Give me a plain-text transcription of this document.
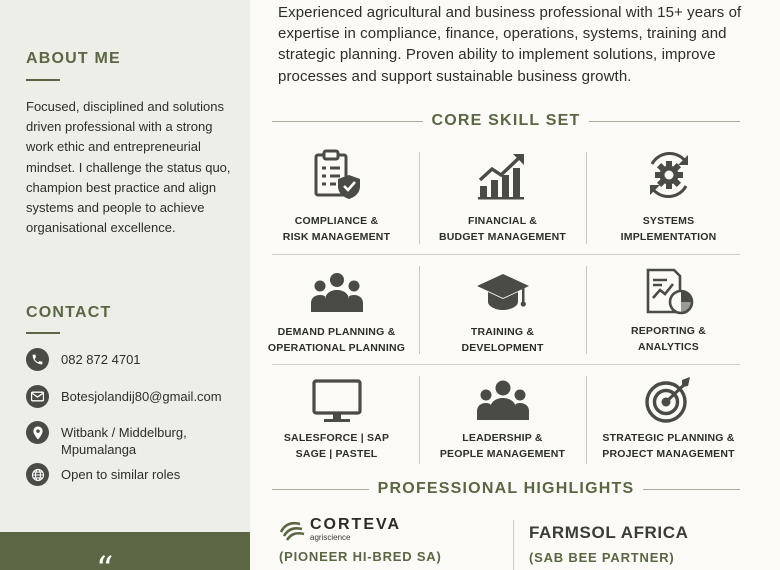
ABOUT ME
Focused, disciplined and solutions driven professional with a strong work ethic and entrepreneurial mindset. I challenge the status quo, champion best practice and align systems and people to achieve organisational excellence.
CONTACT
082 872 4701
Botesjolandij80@gmail.com
Witbank / Middelburg,
Mpumalanga
Open to similar roles
“
Experienced agricultural and business professional with 15+ years of expertise in compliance, finance, operations, systems, training and strategic planning. Proven ability to implement solutions, improve processes and support sustainable business growth.
CORE SKILL SET
COMPLIANCE &
RISK MANAGEMENT
FINANCIAL &
BUDGET MANAGEMENT
SYSTEMS
IMPLEMENTATION
DEMAND PLANNING &
OPERATIONAL PLANNING
TRAINING &
DEVELOPMENT
REPORTING &
ANALYTICS
SALESFORCE | SAP
SAGE | PASTEL
LEADERSHIP &
PEOPLE MANAGEMENT
STRATEGIC PLANNING &
PROJECT MANAGEMENT
PROFESSIONAL HIGHLIGHTS
CORTEVA
agriscience
(PIONEER HI-BRED SA)
FARMSOL AFRICA
(SAB BEE PARTNER)
